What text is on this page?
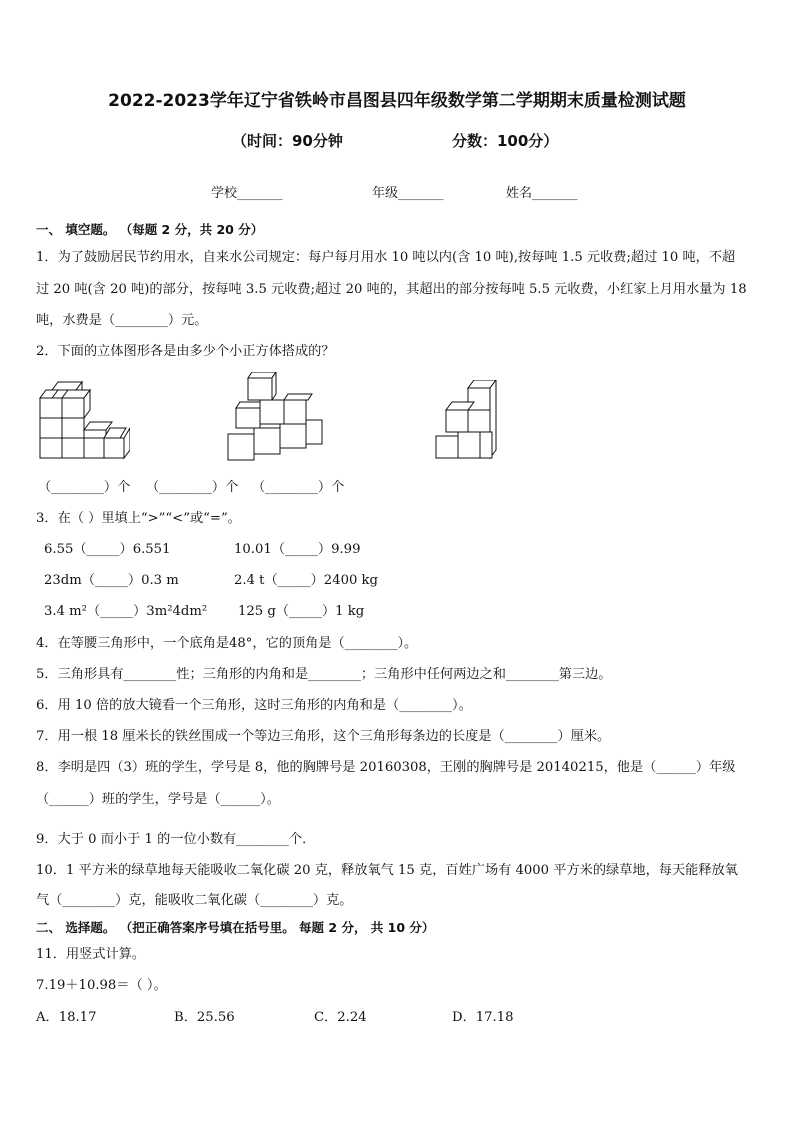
2022-2023学年辽宁省铁岭市昌图县四年级数学第二学期期末质量检测试题
（时间：90分钟	分数：100分）
学校_______	年级_______	姓名_______
一、 填空题。 （每题 2 分，共 20 分）
1．为了鼓励居民节约用水，自来水公司规定：每户每月用水 10 吨以内(含 10 吨),按每吨 1.5 元收费;超过 10 吨，不超
过 20 吨(含 20 吨)的部分，按每吨 3.5 元收费;超过 20 吨的，其超出的部分按每吨 5.5 元收费，小红家上月用水量为 18
吨，水费是（________）元。
2．下面的立体图形各是由多少个小正方体搭成的？
（________）个 （________）个 （________）个
3．在（ ）里填上“>”“<”或“=”。
6.55（_____）6.551	10.01（_____）9.99
23dm（_____）0.3 m	2.4 t（_____）2400 kg
3.4 m²（_____）3m²4dm² 125 g（_____）1 kg
4．在等腰三角形中，一个底角是48°，它的顶角是（________）。
5．三角形具有________性；三角形的内角和是________；三角形中任何两边之和________第三边。
6．用 10 倍的放大镜看一个三角形，这时三角形的内角和是（________）。
7．用一根 18 厘米长的铁丝围成一个等边三角形，这个三角形每条边的长度是（________）厘米。
8．李明是四（3）班的学生，学号是 8，他的胸牌号是 20160308，王刚的胸牌号是 20140215，他是（______）年级
（______）班的学生，学号是（______）。
9．大于 0 而小于 1 的一位小数有________个．
10．1 平方米的绿草地每天能吸收二氧化碳 20 克，释放氧气 15 克，百姓广场有 4000 平方米的绿草地，每天能释放氧
气（________）克，能吸收二氧化碳（________）克。
二、 选择题。 （把正确答案序号填在括号里。 每题 2 分， 共 10 分）
11．用竖式计算。
7.19＋10.98＝（ ）。
A．18.17	B．25.56	C．2.24	D．17.18
